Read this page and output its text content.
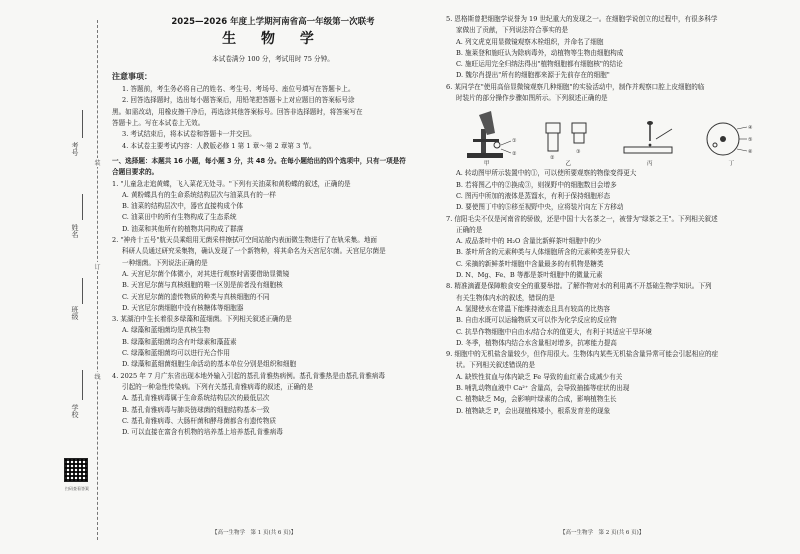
考号
姓名
班级
学校
装
订
线
扫码查看答案
2025—2026 年度上学期河南省高一年级第一次联考
生 物 学
本试卷满分 100 分，考试用时 75 分钟。
注意事项：
1. 答题前，考生务必将自己的姓名、考生号、考场号、座位号填写在答题卡上。
2. 回答选择题时，选出每小题答案后，用铅笔把答题卡上对应题目的答案标号涂
黑。如需改动，用橡皮擦干净后，再选涂其他答案标号。回答非选择题时，将答案写在
答题卡上。写在本试卷上无效。
3. 考试结束后，将本试卷和答题卡一并交回。
4. 本试卷主要考试内容：人教版必修 1 第 1 章～第 2 章第 3 节。
一、选择题：本题共 16 小题，每小题 3 分，共 48 分。在每小题给出的四个选项中，只有一项是符
合题目要求的。
1. "儿童急走追黄蝶，飞入菜花无处寻。"下列有关油菜和黄粉蝶的叙述，正确的是
A. 黄粉蝶具有的生命系统结构层次与油菜具有的一样
B. 油菜的结构层次中，器官直接构成个体
C. 油菜田中的所有生物构成了生态系统
D. 油菜和其他所有的植物共同构成了群落
2. "神舟十五号"航天员乘组用无菌采样擦拭可空间站舱内表面微生物进行了在轨采集。地面
科研人员通过研究采集物，确认发现了一个新物种，将其命名为天宫尼尔菌。天宫尼尔菌是
一种细菌。下列说法正确的是
A. 天宫尼尔菌个体微小，对其进行观察时需要借助显微镜
B. 天宫尼尔菌与真核细胞的唯一区别是前者没有细胞核
C. 天宫尼尔菌的遗传物质的种类与真核细胞的不同
D. 天宫尼尔菌细胞中没有核糖体等细胞器
3. 某湖泊中生长着很多绿藻和蓝细菌。下列相关叙述正确的是
A. 绿藻和蓝细菌均是真核生物
B. 绿藻和蓝细菌均含有叶绿素和藻蓝素
C. 绿藻和蓝细菌均可以进行光合作用
D. 绿藻和蓝细菌细胞生命活动的基本单位分别是组织和细胞
4. 2025 年 7 月广东省出现本地外输入引起的基孔肯雅热病例。基孔肯雅热是由基孔肯雅病毒
引起的一种急性传染病。下列有关基孔肯雅病毒的叙述，正确的是
A. 基孔肯雅病毒属于生命系统结构层次的最低层次
B. 基孔肯雅病毒与肺炎链球菌的细胞结构基本一致
C. 基孔肯雅病毒、大肠杆菌和酵母菌都含有遗传物质
D. 可以直接在富含有机物的培养基上培养基孔肯雅病毒
【高一生物学　第 1 页(共 6 页)】
5. 恩格斯曾把细胞学说誉为 19 世纪重大的发现之一。在细胞学说创立的过程中，有很多科学
家做出了贡献，下列说法符合事实的是
A. 列文虎克用显微镜观察木栓组织，并命名了细胞
B. 施莱登和施旺认为除病毒外，动植物等生物由细胞构成
C. 施旺运用完全归纳法得出"植物细胞都有细胞核"的结论
D. 魏尔肖提出"所有的细胞都来源于先前存在的细胞"
6. 某同学在"使用高倍显微镜观察几种细胞"的实验活动中，制作并观察口腔上皮细胞的临
时装片的部分操作步骤如图所示。下列叙述正确的是
①
②
甲
②
③
乙	丙
④
⑤
⑥
丁
A. 转动图甲所示装置中的①，可以使所要观察的物像变得更大
B. 若将图乙中的②换成③，则视野中的细胞数目会增多
C. 图丙中所加的液体是蒸馏水，有利于保持细胞形态
D. 要使图丁中的⑤移至视野中央，应将装片向左下方移动
7. 信阳毛尖不仅是河南省的骄傲，还是中国十大名茶之一，被誉为"绿茶之王"。下列相关叙述
正确的是
A. 成品茶叶中的 H₂O 含量比新鲜茶叶细胞中的少
B. 茶叶所含的元素种类与人体细胞所含的元素种类差异很大
C. 采摘的新鲜茶叶细胞中含量最多的有机物是糖类
D. N、Mg、Fe、B 等都是茶叶细胞中的微量元素
8. 精准滴灌是保障粮食安全的重要举措。了解作物对水的利用离不开基础生物学知识。下列
有关生物体内水的叙述，错误的是
A. 氢键使水在常温下能维持液态且具有较高的比热容
B. 自由水既可以运输物质又可以作为化学反应的反应物
C. 抗旱作物细胞中自由水/结合水的值更大，有利于其适应干旱环境
D. 冬季，植物体内结合水含量相对增多，抗寒能力提高
9. 细胞中的无机盐含量较少，但作用很大。生物体内某些无机盐含量异常可能会引起相应的症
状。下列相关叙述错误的是
A. 缺铁性贫血与体内缺乏 Fe 导致的血红素合成减少有关
B. 哺乳动物血液中 Ca²⁺ 含量高，会导致抽搐等症状的出现
C. 植物缺乏 Mg，会影响叶绿素的合成，影响植物生长
D. 植物缺乏 P，会出现植株矮小，根系发育差的现象
【高一生物学　第 2 页(共 6 页)】
